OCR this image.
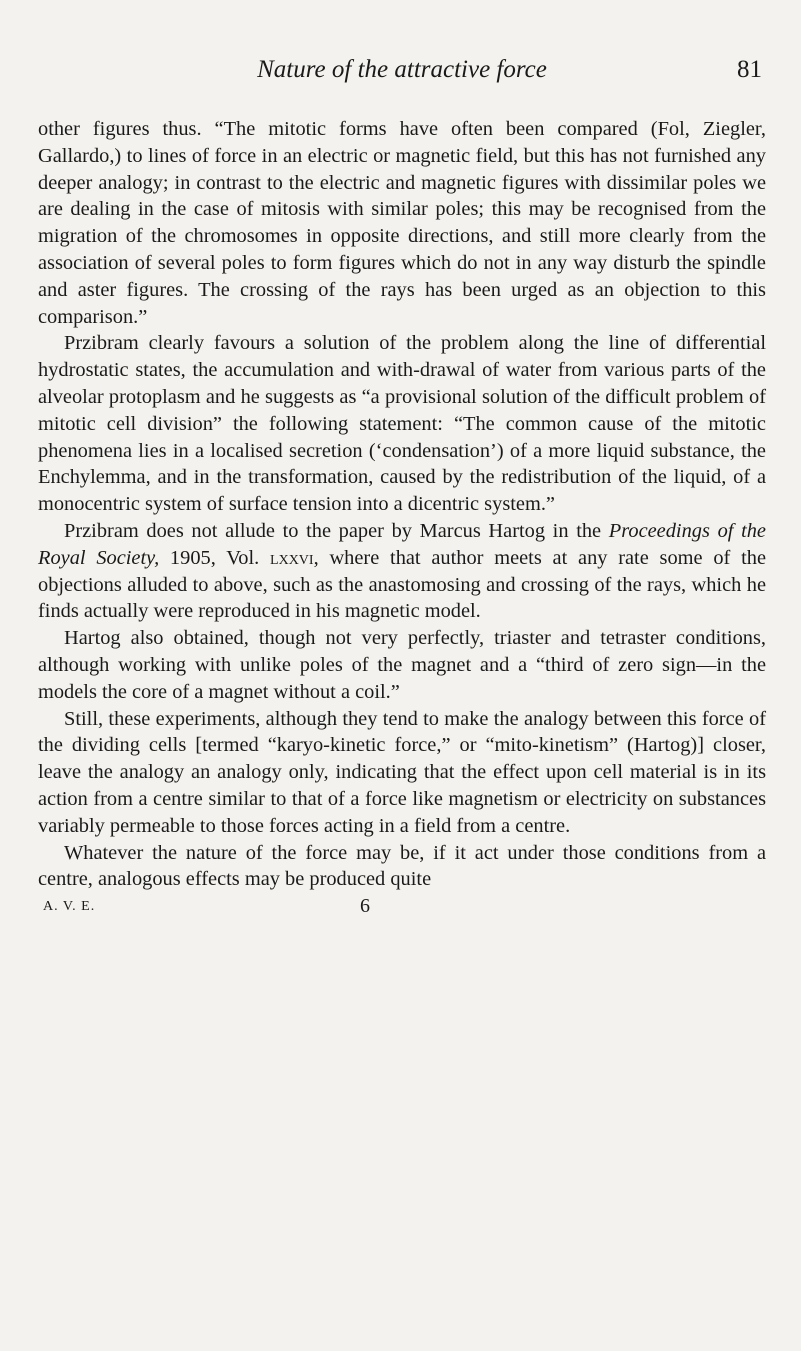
Nature of the attractive force	81

other figures thus. “The mitotic forms have often been compared (Fol, Ziegler, Gallardo,) to lines of force in an electric or magnetic field, but this has not furnished any deeper analogy; in contrast to the electric and magnetic figures with dissimilar poles we are dealing in the case of mitosis with similar poles; this may be recognised from the migration of the chromosomes in opposite directions, and still more clearly from the association of several poles to form figures which do not in any way disturb the spindle and aster figures. The crossing of the rays has been urged as an objection to this comparison.”

Przibram clearly favours a solution of the problem along the line of differential hydrostatic states, the accumulation and with-drawal of water from various parts of the alveolar protoplasm and he suggests as “a provisional solution of the difficult problem of mitotic cell division” the following statement: “The common cause of the mitotic phenomena lies in a localised secretion (‘condensation’) of a more liquid substance, the Enchylemma, and in the transformation, caused by the redistribution of the liquid, of a monocentric system of surface tension into a dicentric system.”

Przibram does not allude to the paper by Marcus Hartog in the Proceedings of the Royal Society, 1905, Vol. lxxvi, where that author meets at any rate some of the objections alluded to above, such as the anastomosing and crossing of the rays, which he finds actually were reproduced in his magnetic model.

Hartog also obtained, though not very perfectly, triaster and tetraster conditions, although working with unlike poles of the magnet and a “third of zero sign—in the models the core of a magnet without a coil.”

Still, these experiments, although they tend to make the analogy between this force of the dividing cells [termed “karyo-kinetic force,” or “mito-kinetism” (Hartog)] closer, leave the analogy an analogy only, indicating that the effect upon cell material is in its action from a centre similar to that of a force like magnetism or electricity on substances variably permeable to those forces acting in a field from a centre.

Whatever the nature of the force may be, if it act under those conditions from a centre, analogous effects may be produced quite

A. V. E.	6
